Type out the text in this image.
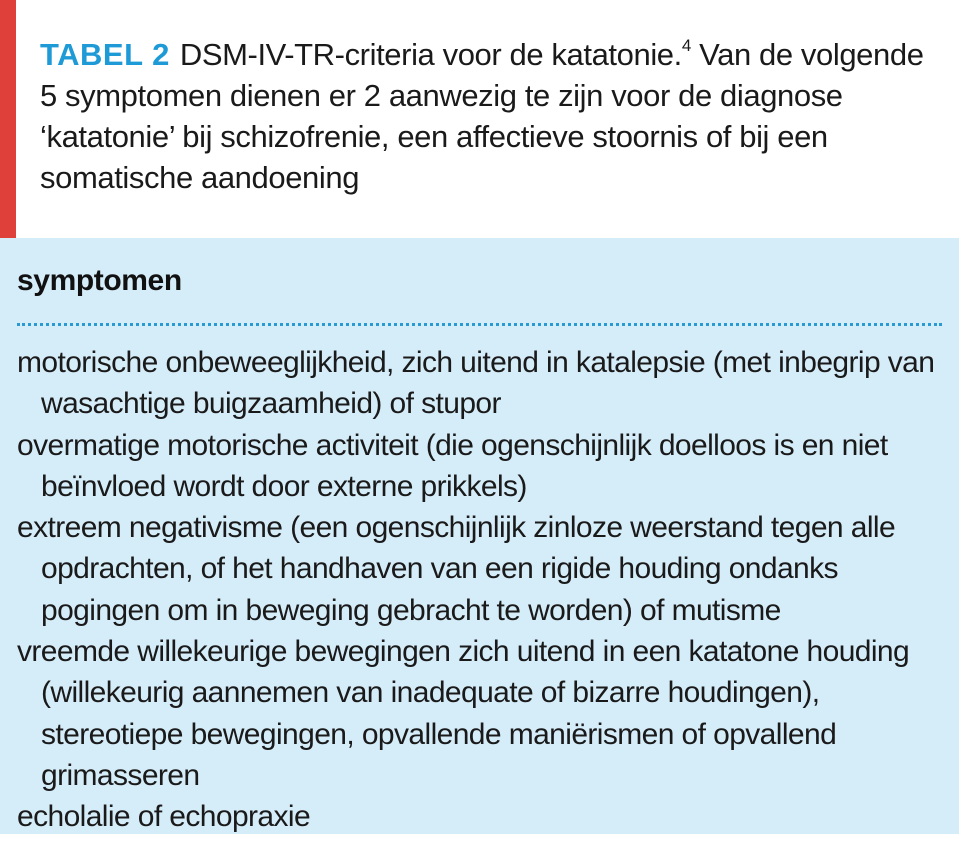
TABEL 2 DSM-IV-TR-criteria voor de katatonie.$^4$ Van de volgende 5 symptomen dienen er 2 aanwezig te zijn voor de diagnose ‘katatonie’ bij schizofrenie, een affectieve stoornis of bij een somatische aandoening
symptomen
motorische onbeweeglijkheid, zich uitend in katalepsie (met inbegrip van wasachtige buigzaamheid) of stupor
overmatige motorische activiteit (die ogenschijnlijk doelloos is en niet beïnvloed wordt door externe prikkels)
extreem negativisme (een ogenschijnlijk zinloze weerstand tegen alle opdrachten, of het handhaven van een rigide houding ondanks pogingen om in beweging gebracht te worden) of mutisme
vreemde willekeurige bewegingen zich uitend in een katatone houding (willekeurig aannemen van inadequate of bizarre houdingen), stereotiepe bewegingen, opvallende maniërismen of opvallend grimasseren
echolalie of echopraxie
